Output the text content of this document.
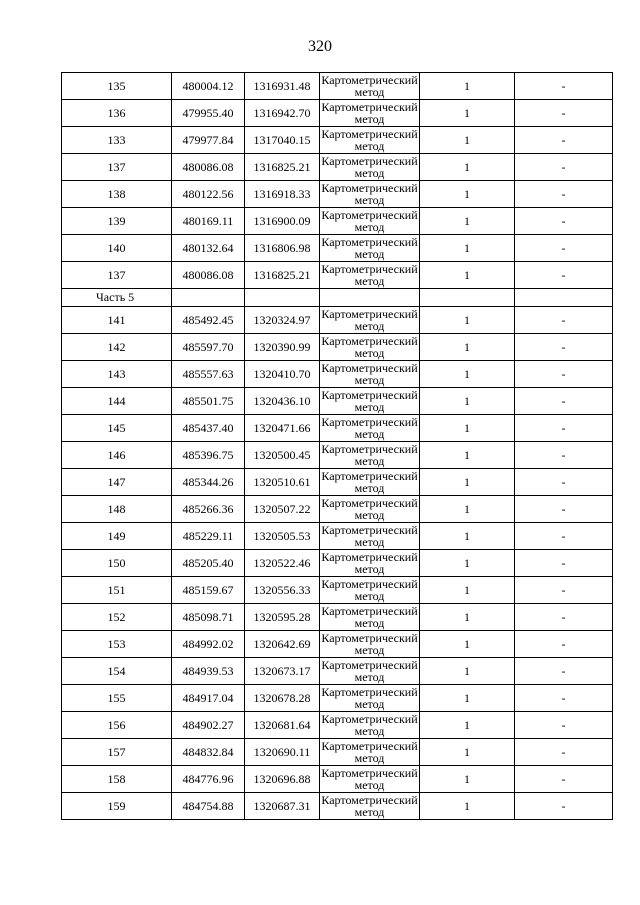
320
135	480004.12	1316931.48	Картометрический метод	1	-
136	479955.40	1316942.70	Картометрический метод	1	-
133	479977.84	1317040.15	Картометрический метод	1	-
137	480086.08	1316825.21	Картометрический метод	1	-
138	480122.56	1316918.33	Картометрический метод	1	-
139	480169.11	1316900.09	Картометрический метод	1	-
140	480132.64	1316806.98	Картометрический метод	1	-
137	480086.08	1316825.21	Картометрический метод	1	-
Часть 5					
141	485492.45	1320324.97	Картометрический метод	1	-
142	485597.70	1320390.99	Картометрический метод	1	-
143	485557.63	1320410.70	Картометрический метод	1	-
144	485501.75	1320436.10	Картометрический метод	1	-
145	485437.40	1320471.66	Картометрический метод	1	-
146	485396.75	1320500.45	Картометрический метод	1	-
147	485344.26	1320510.61	Картометрический метод	1	-
148	485266.36	1320507.22	Картометрический метод	1	-
149	485229.11	1320505.53	Картометрический метод	1	-
150	485205.40	1320522.46	Картометрический метод	1	-
151	485159.67	1320556.33	Картометрический метод	1	-
152	485098.71	1320595.28	Картометрический метод	1	-
153	484992.02	1320642.69	Картометрический метод	1	-
154	484939.53	1320673.17	Картометрический метод	1	-
155	484917.04	1320678.28	Картометрический метод	1	-
156	484902.27	1320681.64	Картометрический метод	1	-
157	484832.84	1320690.11	Картометрический метод	1	-
158	484776.96	1320696.88	Картометрический метод	1	-
159	484754.88	1320687.31	Картометрический метод	1	-
